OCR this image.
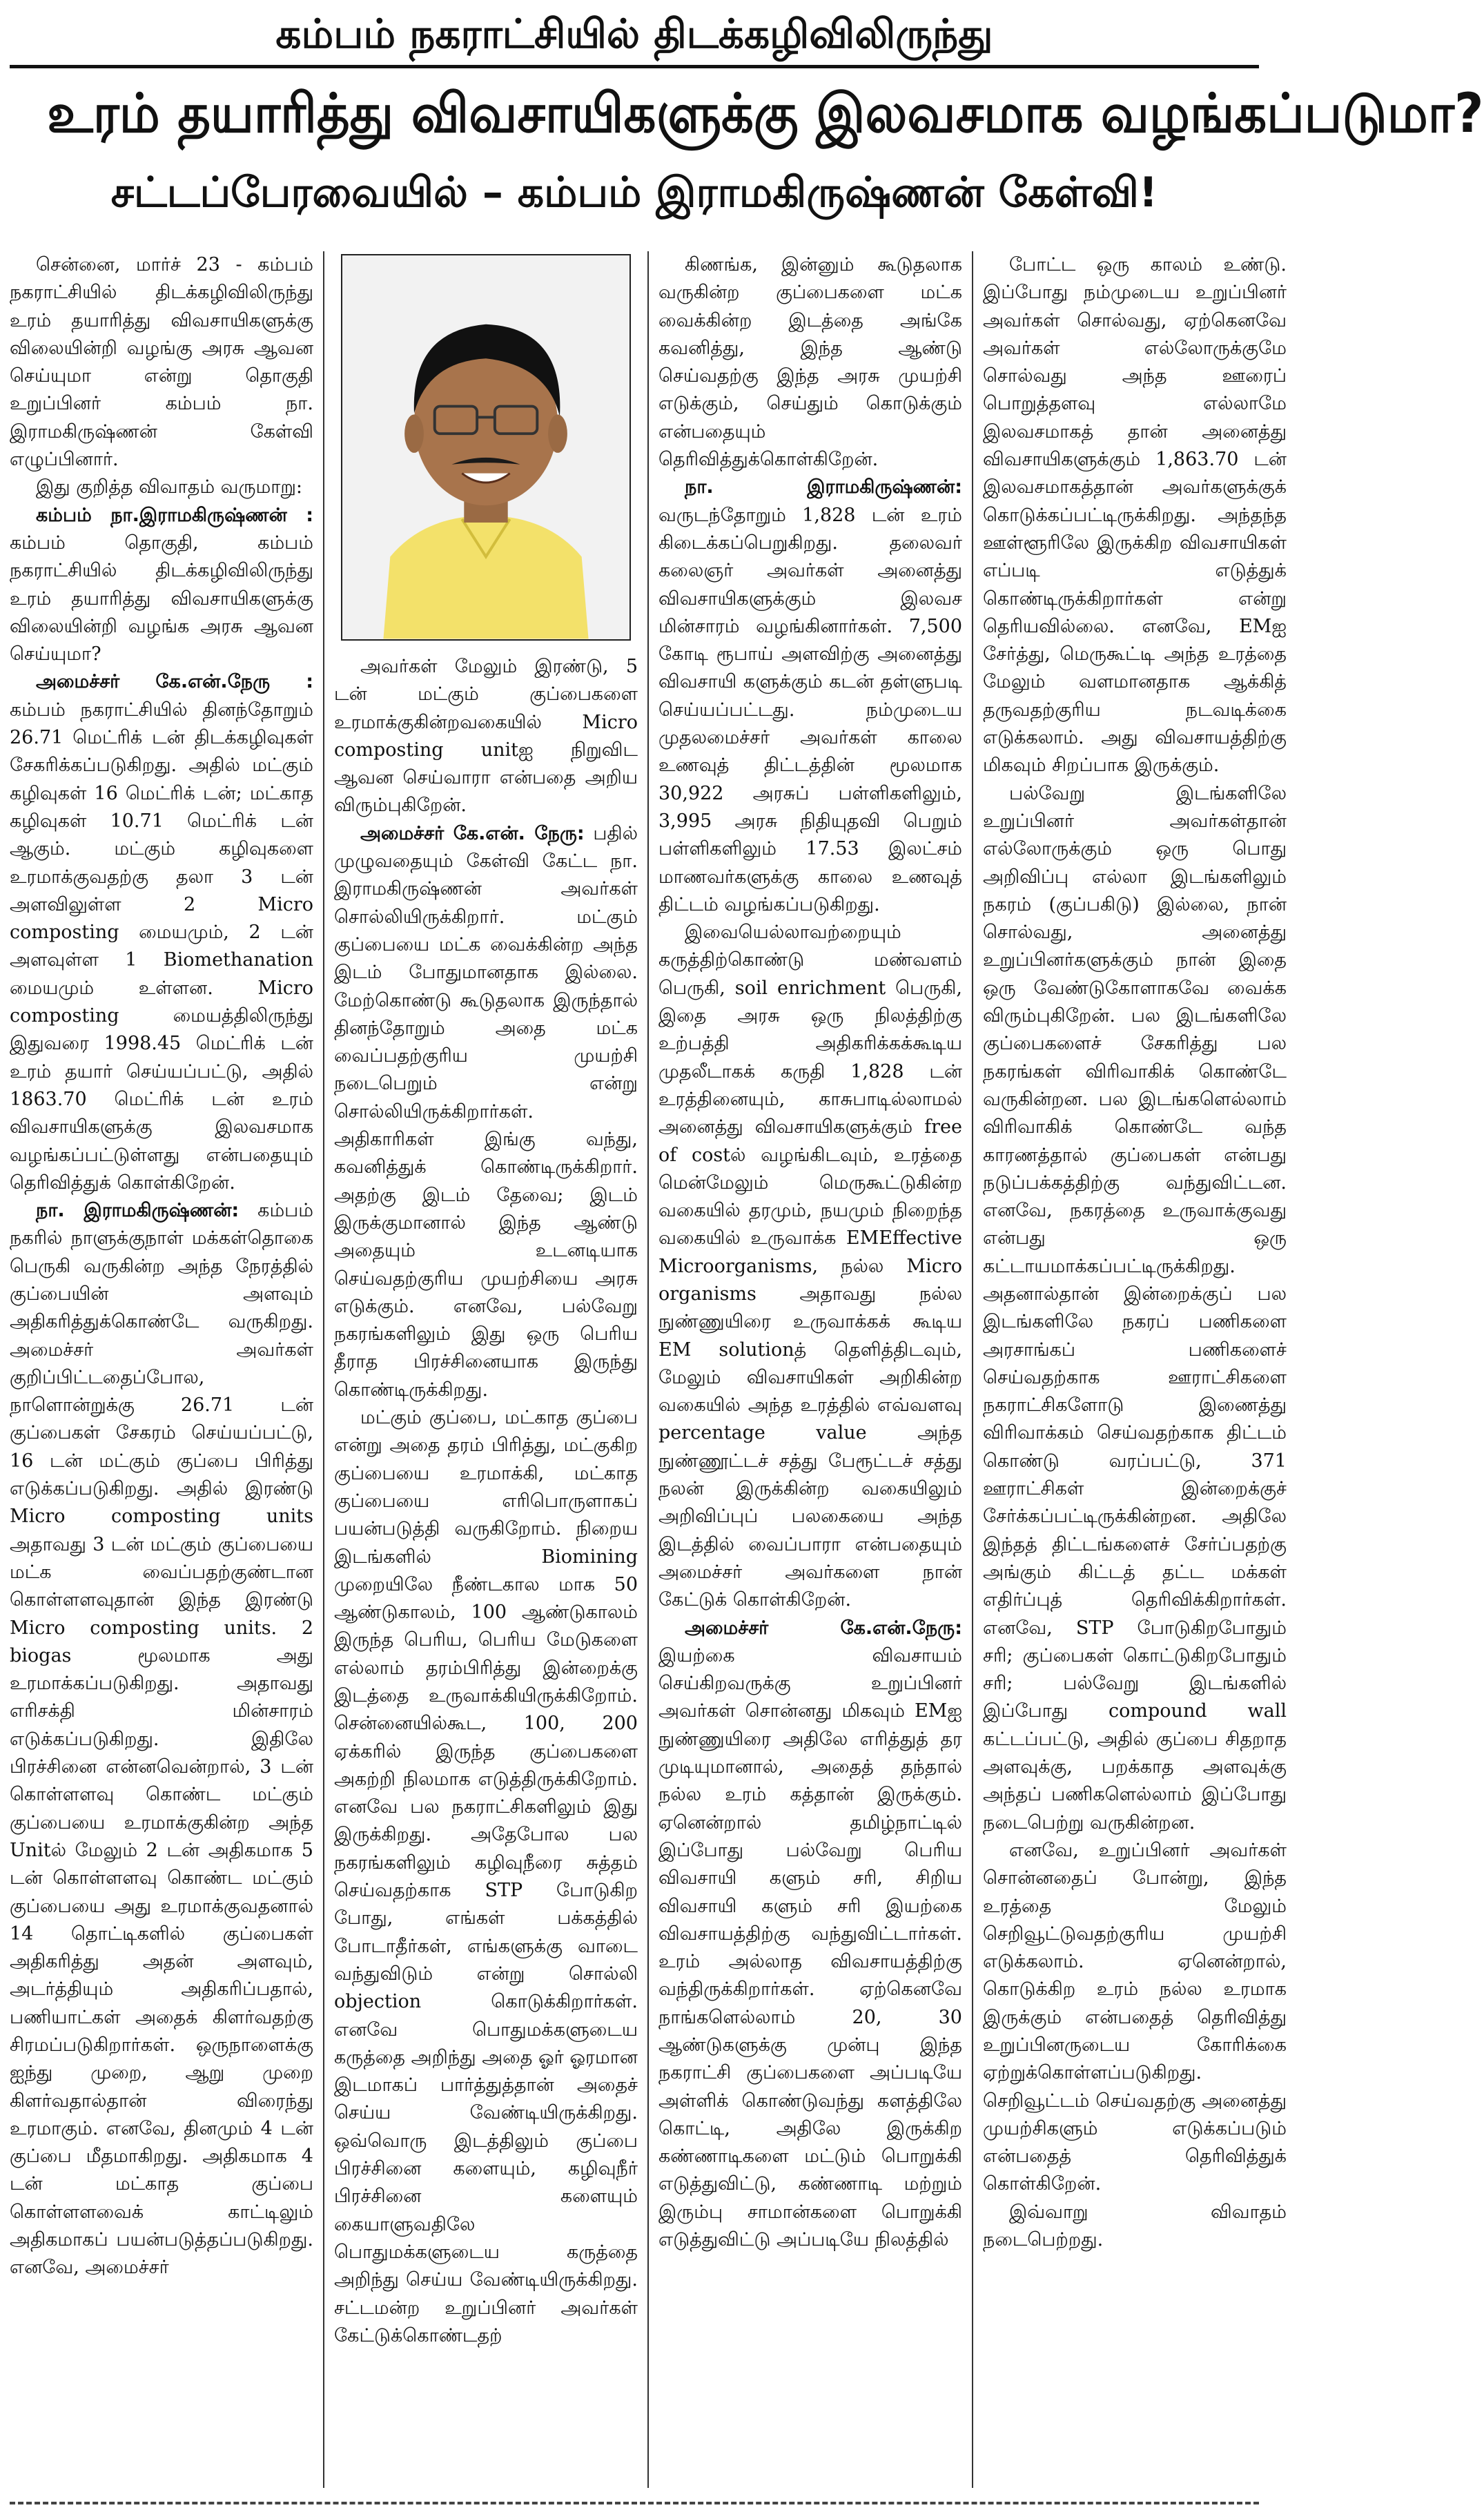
கம்பம் நகராட்சியில் திடக்கழிவிலிருந்து
உரம் தயாரித்து விவசாயிகளுக்கு இலவசமாக வழங்கப்படுமா?
சட்டப்பேரவையில் – கம்பம் இராமகிருஷ்ணன் கேள்வி!

சென்னை, மார்ச் 23 - கம்பம் நகராட்சியில் திடக்கழிவிலிருந்து உரம் தயாரித்து விவசாயிகளுக்கு விலையின்றி வழங்கு அரசு ஆவன செய்யுமா என்று தொகுதி உறுப்பினர் கம்பம் நா. இராமகிருஷ்ணன் கேள்வி எழுப்பினார்.

இது குறித்த விவாதம் வருமாறு:

கம்பம் நா.இராமகிருஷ்ணன் : கம்பம் தொகுதி, கம்பம் நகராட்சியில் திடக்கழிவிலிருந்து உரம் தயாரித்து விவசாயிகளுக்கு விலையின்றி வழங்க அரசு ஆவன செய்யுமா?

அமைச்சர் கே.என்.நேரு : கம்பம் நகராட்சியில் தினந்தோறும் 26.71 மெட்ரிக் டன் திடக்கழிவுகள் சேகரிக்கப்படுகிறது. அதில் மட்கும் கழிவுகள் 16 மெட்ரிக் டன்; மட்காத கழிவுகள் 10.71 மெட்ரிக் டன் ஆகும். மட்கும் கழிவுகளை உரமாக்குவதற்கு தலா 3 டன் அளவிலுள்ள 2 Micro composting மையமும், 2 டன் அளவுள்ள 1 Biomethanation மையமும் உள்ளன. Micro composting மையத்திலிருந்து இதுவரை 1998.45 மெட்ரிக் டன் உரம் தயார் செய்யப்பட்டு, அதில் 1863.70 மெட்ரிக் டன் உரம் விவசாயிகளுக்கு இலவசமாக வழங்கப்பட்டுள்ளது என்பதையும் தெரிவித்துக் கொள்கிறேன்.

நா. இராமகிருஷ்ணன்: கம்பம் நகரில் நாளுக்குநாள் மக்கள்தொகை பெருகி வருகின்ற அந்த நேரத்தில் குப்பையின் அளவும் அதிகரித்துக்கொண்டே வருகிறது. அமைச்சர் அவர்கள் குறிப்பிட்டதைப்போல, நாளொன்றுக்கு 26.71 டன் குப்பைகள் சேகரம் செய்யப்பட்டு, 16 டன் மட்கும் குப்பை பிரித்து எடுக்கப்படுகிறது. அதில் இரண்டு Micro composting units அதாவது 3 டன் மட்கும் குப்பையை மட்க வைப்பதற்குண்டான கொள்ளளவுதான் இந்த இரண்டு Micro composting units. 2 biogas மூலமாக அது உரமாக்கப்படுகிறது. அதாவது எரிசக்தி மின்சாரம் எடுக்கப்படுகிறது. இதிலே பிரச்சினை என்னவென்றால், 3 டன் கொள்ளளவு கொண்ட மட்கும் குப்பையை உரமாக்குகின்ற அந்த Unitல் மேலும் 2 டன் அதிகமாக 5 டன் கொள்ளளவு கொண்ட மட்கும் குப்பையை அது உரமாக்குவதனால் 14 தொட்டிகளில் குப்பைகள் அதிகரித்து அதன் அளவும், அடர்த்தியும் அதிகரிப்பதால், பணியாட்கள் அதைக் கிளர்வதற்கு சிரமப்படுகிறார்கள். ஒருநாளைக்கு ஐந்து முறை, ஆறு முறை கிளர்வதால்தான் விரைந்து உரமாகும். எனவே, தினமும் 4 டன் குப்பை மீதமாகிறது. அதிகமாக 4 டன் மட்காத குப்பை கொள்ளளவைக் காட்டிலும் அதிகமாகப் பயன்படுத்தப்படுகிறது. எனவே, அமைச்சர்

அவர்கள் மேலும் இரண்டு, 5 டன் மட்கும் குப்பைகளை உரமாக்குகின்றவகையில் Micro composting unitஐ நிறுவிட ஆவன செய்வாரா என்பதை அறிய விரும்புகிறேன்.

அமைச்சர் கே.என். நேரு: பதில் முழுவதையும் கேள்வி கேட்ட நா. இராமகிருஷ்ணன் அவர்கள் சொல்லியிருக்கிறார். மட்கும் குப்பையை மட்க வைக்கின்ற அந்த இடம் போதுமானதாக இல்லை. மேற்கொண்டு கூடுதலாக இருந்தால் தினந்தோறும் அதை மட்க வைப்பதற்குரிய முயற்சி நடைபெறும் என்று சொல்லியிருக்கிறார்கள். அதிகாரிகள் இங்கு வந்து, கவனித்துக் கொண்டிருக்கிறார். அதற்கு இடம் தேவை; இடம் இருக்குமானால் இந்த ஆண்டு அதையும் உடனடியாக செய்வதற்குரிய முயற்சியை அரசு எடுக்கும். எனவே, பல்வேறு நகரங்களிலும் இது ஒரு பெரிய தீராத பிரச்சினையாக இருந்து கொண்டிருக்கிறது.

மட்கும் குப்பை, மட்காத குப்பை என்று அதை தரம் பிரித்து, மட்குகிற குப்பையை உரமாக்கி, மட்காத குப்பையை எரிபொருளாகப் பயன்படுத்தி வருகிறோம். நிறைய இடங்களில் Biomining முறையிலே நீண்டகால மாக 50 ஆண்டுகாலம், 100 ஆண்டுகாலம் இருந்த பெரிய, பெரிய மேடுகளை எல்லாம் தரம்பிரித்து இன்றைக்கு இடத்தை உருவாக்கியிருக்கிறோம். சென்னையில்கூட, 100, 200 ஏக்கரில் இருந்த குப்பைகளை அகற்றி நிலமாக எடுத்திருக்கிறோம். எனவே பல நகராட்சிகளிலும் இது இருக்கிறது. அதேபோல பல நகரங்களிலும் கழிவுநீரை சுத்தம் செய்வதற்காக STP போடுகிற போது, எங்கள் பக்கத்தில் போடாதீர்கள், எங்களுக்கு வாடை வந்துவிடும் என்று சொல்லி objection கொடுக்கிறார்கள். எனவே பொதுமக்களுடைய கருத்தை அறிந்து அதை ஓர் ஓரமான இடமாகப் பார்த்துத்தான் அதைச் செய்ய வேண்டியிருக்கிறது. ஒவ்வொரு இடத்திலும் குப்பை பிரச்சினை களையும், கழிவுநீர் பிரச்சினை களையும் கையாளுவதிலே பொதுமக்களுடைய கருத்தை அறிந்து செய்ய வேண்டியிருக்கிறது. சட்டமன்ற உறுப்பினர் அவர்கள் கேட்டுக்கொண்டதற்

கிணங்க, இன்னும் கூடுதலாக வருகின்ற குப்பைகளை மட்க வைக்கின்ற இடத்தை அங்கே கவனித்து, இந்த ஆண்டு செய்வதற்கு இந்த அரசு முயற்சி எடுக்கும், செய்தும் கொடுக்கும் என்பதையும் தெரிவித்துக்கொள்கிறேன்.

நா. இராமகிருஷ்ணன்: வருடந்தோறும் 1,828 டன் உரம் கிடைக்கப்பெறுகிறது. தலைவர் கலைஞர் அவர்கள் அனைத்து விவசாயிகளுக்கும் இலவச மின்சாரம் வழங்கினார்கள். 7,500 கோடி ரூபாய் அளவிற்கு அனைத்து விவசாயி களுக்கும் கடன் தள்ளுபடி செய்யப்பட்டது. நம்முடைய முதலமைச்சர் அவர்கள் காலை உணவுத் திட்டத்தின் மூலமாக 30,922 அரசுப் பள்ளிகளிலும், 3,995 அரசு நிதியுதவி பெறும் பள்ளிகளிலும் 17.53 இலட்சம் மாணவர்களுக்கு காலை உணவுத் திட்டம் வழங்கப்படுகிறது.

இவையெல்லாவற்றையும் கருத்திற்கொண்டு மண்வளம் பெருகி, soil enrichment பெருகி, இதை அரசு ஒரு நிலத்திற்கு உற்பத்தி அதிகரிக்கக்கூடிய முதலீடாகக் கருதி 1,828 டன் உரத்தினையும், காசுபாடில்லாமல் அனைத்து விவசாயிகளுக்கும் free of costல் வழங்கிடவும், உரத்தை மென்மேலும் மெருகூட்டுகின்ற வகையில் தரமும், நயமும் நிறைந்த வகையில் உருவாக்க EMEffective Microorganisms, நல்ல Micro organisms அதாவது நல்ல நுண்ணுயிரை உருவாக்கக் கூடிய EM solutionத் தெளித்திடவும், மேலும் விவசாயிகள் அறிகின்ற வகையில் அந்த உரத்தில் எவ்வளவு percentage value அந்த நுண்ணூட்டச் சத்து பேரூட்டச் சத்து நலன் இருக்கின்ற வகையிலும் அறிவிப்புப் பலகையை அந்த இடத்தில் வைப்பாரா என்பதையும் அமைச்சர் அவர்களை நான் கேட்டுக் கொள்கிறேன்.

அமைச்சர் கே.என்.நேரு: இயற்கை விவசாயம் செய்கிறவருக்கு உறுப்பினர் அவர்கள் சொன்னது மிகவும் EMஐ நுண்ணுயிரை அதிலே எரித்துத் தர முடியுமானால், அதைத் தந்தால் நல்ல உரம் கத்தான் இருக்கும். ஏனென்றால் தமிழ்நாட்டில் இப்போது பல்வேறு பெரிய விவசாயி களும் சரி, சிறிய விவசாயி களும் சரி இயற்கை விவசாயத்திற்கு வந்துவிட்டார்கள். உரம் அல்லாத விவசாயத்திற்கு வந்திருக்கிறார்கள். ஏற்கெனவே நாங்களெல்லாம் 20, 30 ஆண்டுகளுக்கு முன்பு இந்த நகராட்சி குப்பைகளை அப்படியே அள்ளிக் கொண்டுவந்து களத்திலே கொட்டி, அதிலே இருக்கிற கண்ணாடிகளை மட்டும் பொறுக்கி எடுத்துவிட்டு, கண்ணாடி மற்றும் இரும்பு சாமான்களை பொறுக்கி எடுத்துவிட்டு அப்படியே நிலத்தில்

போட்ட ஒரு காலம் உண்டு. இப்போது நம்முடைய உறுப்பினர் அவர்கள் சொல்வது, ஏற்கெனவே அவர்கள் எல்லோருக்குமே சொல்வது அந்த ஊரைப் பொறுத்தளவு எல்லாமே இலவசமாகத் தான் அனைத்து விவசாயிகளுக்கும் 1,863.70 டன் இலவசமாகத்தான் அவர்களுக்குக் கொடுக்கப்பட்டிருக்கிறது. அந்தந்த ஊள்ளூரிலே இருக்கிற விவசாயிகள் எப்படி எடுத்துக் கொண்டிருக்கிறார்கள் என்று தெரியவில்லை. எனவே, EMஐ சேர்த்து, மெருகூட்டி அந்த உரத்தை மேலும் வளமானதாக ஆக்கித் தருவதற்குரிய நடவடிக்கை எடுக்கலாம். அது விவசாயத்திற்கு மிகவும் சிறப்பாக இருக்கும்.

பல்வேறு இடங்களிலே உறுப்பினர் அவர்கள்தான் எல்லோருக்கும் ஒரு பொது அறிவிப்பு எல்லா இடங்களிலும் நகரம் (குப்பகிடு) இல்லை, நான் சொல்வது, அனைத்து உறுப்பினர்களுக்கும் நான் இதை ஒரு வேண்டுகோளாகவே வைக்க விரும்புகிறேன். பல இடங்களிலே குப்பைகளைச் சேகரித்து பல நகரங்கள் விரிவாகிக் கொண்டே வருகின்றன. பல இடங்களெல்லாம் விரிவாகிக் கொண்டே வந்த காரணத்தால் குப்பைகள் என்பது நடுப்பக்கத்திற்கு வந்துவிட்டன. எனவே, நகரத்தை உருவாக்குவது என்பது ஒரு கட்டாயமாக்கப்பட்டிருக்கிறது. அதனால்தான் இன்றைக்குப் பல இடங்களிலே நகரப் பணிகளை அரசாங்கப் பணிகளைச் செய்வதற்காக ஊராட்சிகளை நகராட்சிகளோடு இணைத்து விரிவாக்கம் செய்வதற்காக திட்டம் கொண்டு வரப்பட்டு, 371 ஊராட்சிகள் இன்றைக்குச் சேர்க்கப்பட்டிருக்கின்றன. அதிலே இந்தத் திட்டங்களைச் சேர்ப்பதற்கு அங்கும் கிட்டத் தட்ட மக்கள் எதிர்ப்புத் தெரிவிக்கிறார்கள். எனவே, STP போடுகிறபோதும் சரி; குப்பைகள் கொட்டுகிறபோதும் சரி; பல்வேறு இடங்களில் இப்போது compound wall கட்டப்பட்டு, அதில் குப்பை சிதறாத அளவுக்கு, பறக்காத அளவுக்கு அந்தப் பணிகளெல்லாம் இப்போது நடைபெற்று வருகின்றன.

எனவே, உறுப்பினர் அவர்கள் சொன்னதைப் போன்று, இந்த உரத்தை மேலும் செறிவூட்டுவதற்குரிய முயற்சி எடுக்கலாம். ஏனென்றால், கொடுக்கிற உரம் நல்ல உரமாக இருக்கும் என்பதைத் தெரிவித்து உறுப்பினருடைய கோரிக்கை ஏற்றுக்கொள்ளப்படுகிறது. செறிவூட்டம் செய்வதற்கு அனைத்து முயற்சிகளும் எடுக்கப்படும் என்பதைத் தெரிவித்துக் கொள்கிறேன்.

இவ்வாறு விவாதம் நடைபெற்றது.
